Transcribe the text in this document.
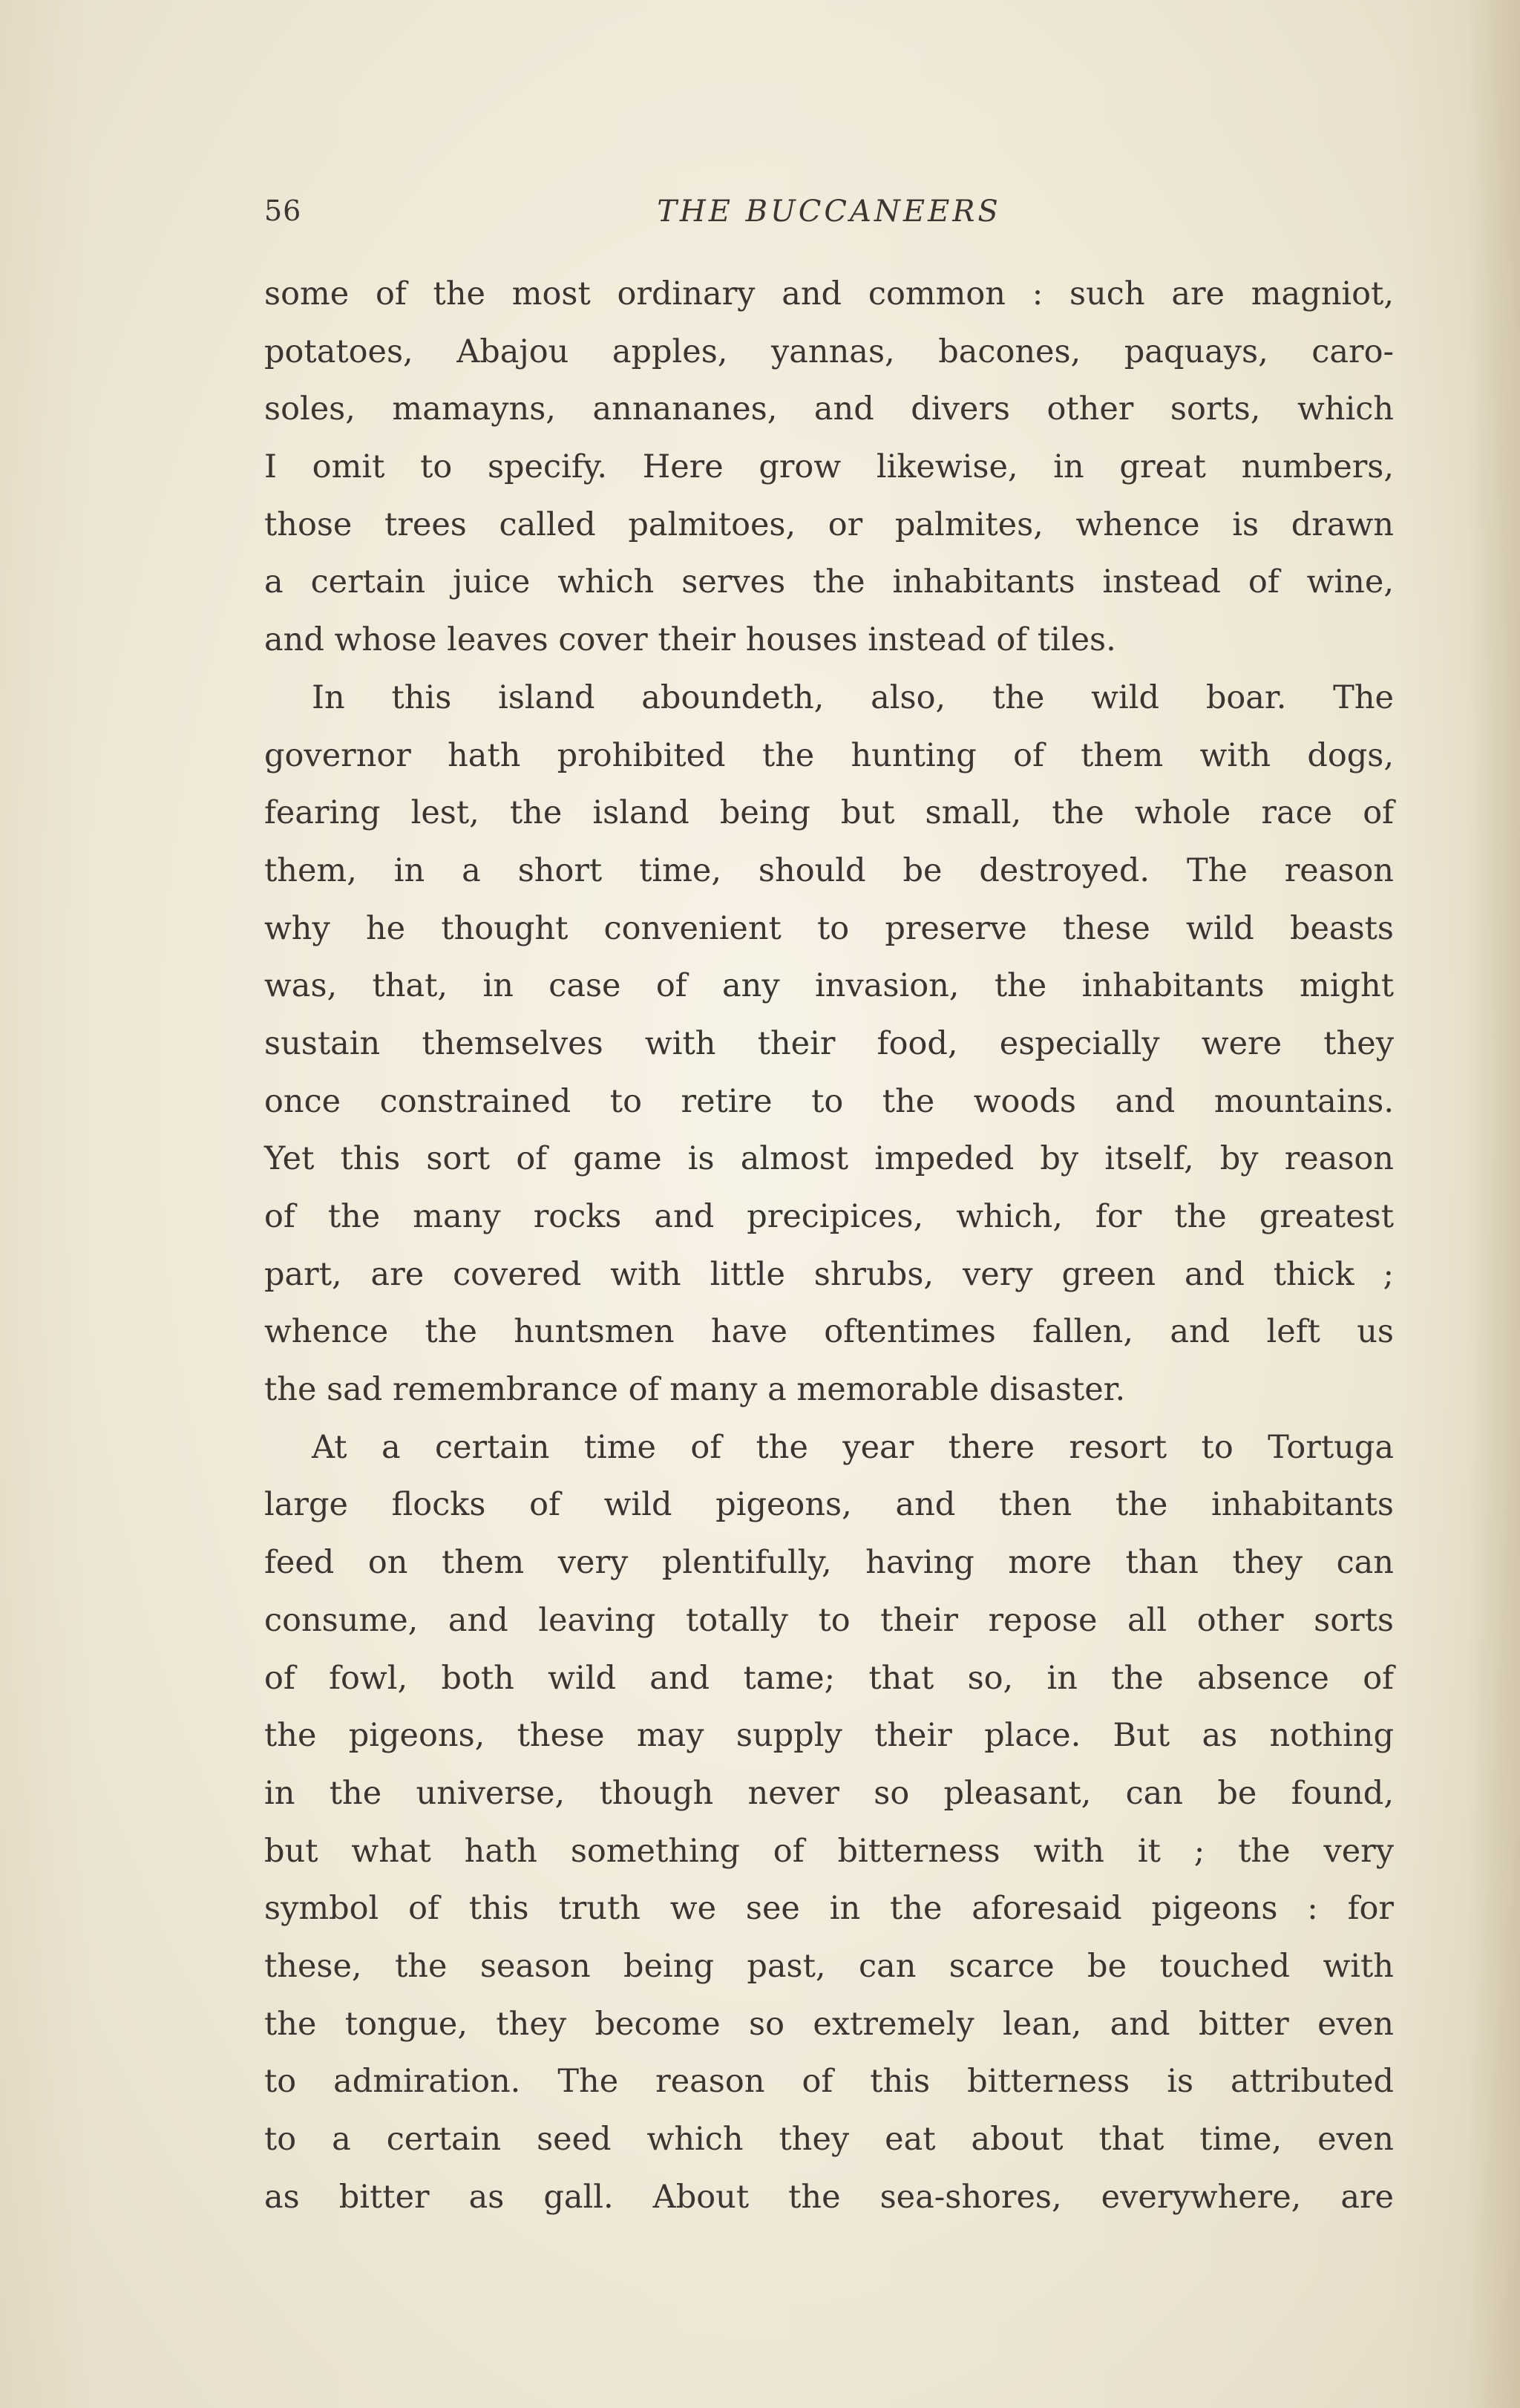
56	THE BUCCANEERS
some of the most ordinary and common : such are magniot,
potatoes, Abajou apples, yannas, bacones, paquays, caro-
soles, mamayns, annananes, and divers other sorts, which
I omit to specify. Here grow likewise, in great numbers,
those trees called palmitoes, or palmites, whence is drawn
a certain juice which serves the inhabitants instead of wine,
and whose leaves cover their houses instead of tiles.
In this island aboundeth, also, the wild boar. The
governor hath prohibited the hunting of them with dogs,
fearing lest, the island being but small, the whole race of
them, in a short time, should be destroyed. The reason
why he thought convenient to preserve these wild beasts
was, that, in case of any invasion, the inhabitants might
sustain themselves with their food, especially were they
once constrained to retire to the woods and mountains.
Yet this sort of game is almost impeded by itself, by reason
of the many rocks and precipices, which, for the greatest
part, are covered with little shrubs, very green and thick ;
whence the huntsmen have oftentimes fallen, and left us
the sad remembrance of many a memorable disaster.
At a certain time of the year there resort to Tortuga
large flocks of wild pigeons, and then the inhabitants
feed on them very plentifully, having more than they can
consume, and leaving totally to their repose all other sorts
of fowl, both wild and tame; that so, in the absence of
the pigeons, these may supply their place. But as nothing
in the universe, though never so pleasant, can be found,
but what hath something of bitterness with it ; the very
symbol of this truth we see in the aforesaid pigeons : for
these, the season being past, can scarce be touched with
the tongue, they become so extremely lean, and bitter even
to admiration. The reason of this bitterness is attributed
to a certain seed which they eat about that time, even
as bitter as gall. About the sea-shores, everywhere, are
